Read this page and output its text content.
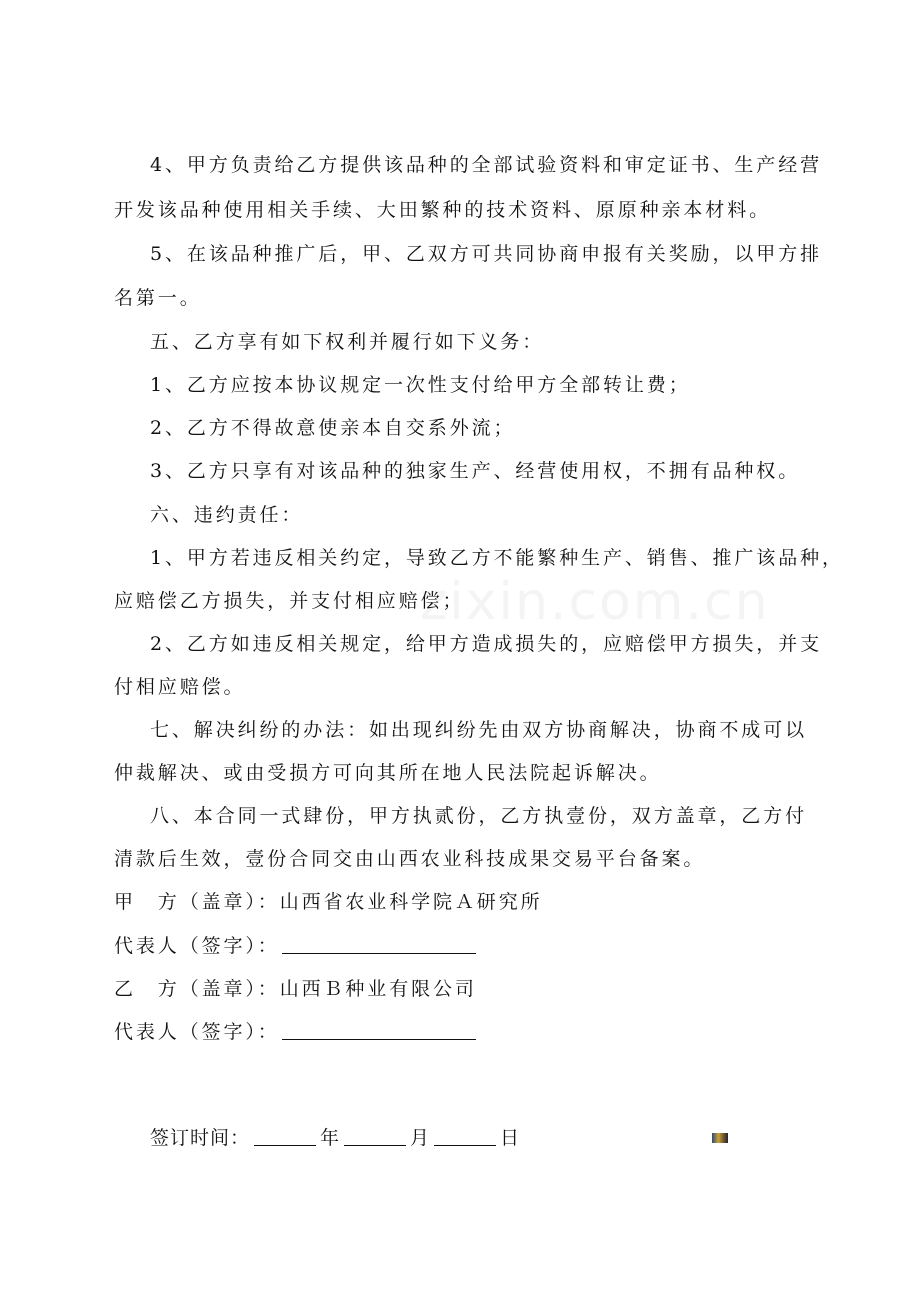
4、甲方负责给乙方提供该品种的全部试验资料和审定证书、生产经营
开发该品种使用相关手续、大田繁种的技术资料、原原种亲本材料。
5、在该品种推广后，甲、乙双方可共同协商申报有关奖励，以甲方排
名第一。
五、乙方享有如下权利并履行如下义务：
1、乙方应按本协议规定一次性支付给甲方全部转让费；
2、乙方不得故意使亲本自交系外流；
3、乙方只享有对该品种的独家生产、经营使用权，不拥有品种权。
六、违约责任：
1、甲方若违反相关约定，导致乙方不能繁种生产、销售、推广该品种，
应赔偿乙方损失，并支付相应赔偿；
2、乙方如违反相关规定，给甲方造成损失的，应赔偿甲方损失，并支
付相应赔偿。
七、解决纠纷的办法：如出现纠纷先由双方协商解决，协商不成可以
仲裁解决、或由受损方可向其所在地人民法院起诉解决。
八、本合同一式肆份，甲方执贰份，乙方执壹份，双方盖章，乙方付
清款后生效，壹份合同交由山西农业科技成果交易平台备案。
甲　方（盖章）：山西省农业科学院Ａ研究所
代表人（签字）：
乙　方（盖章）：山西Ｂ种业有限公司
代表人（签字）：
签订时间：	年	月	日
zixin.com.cn
